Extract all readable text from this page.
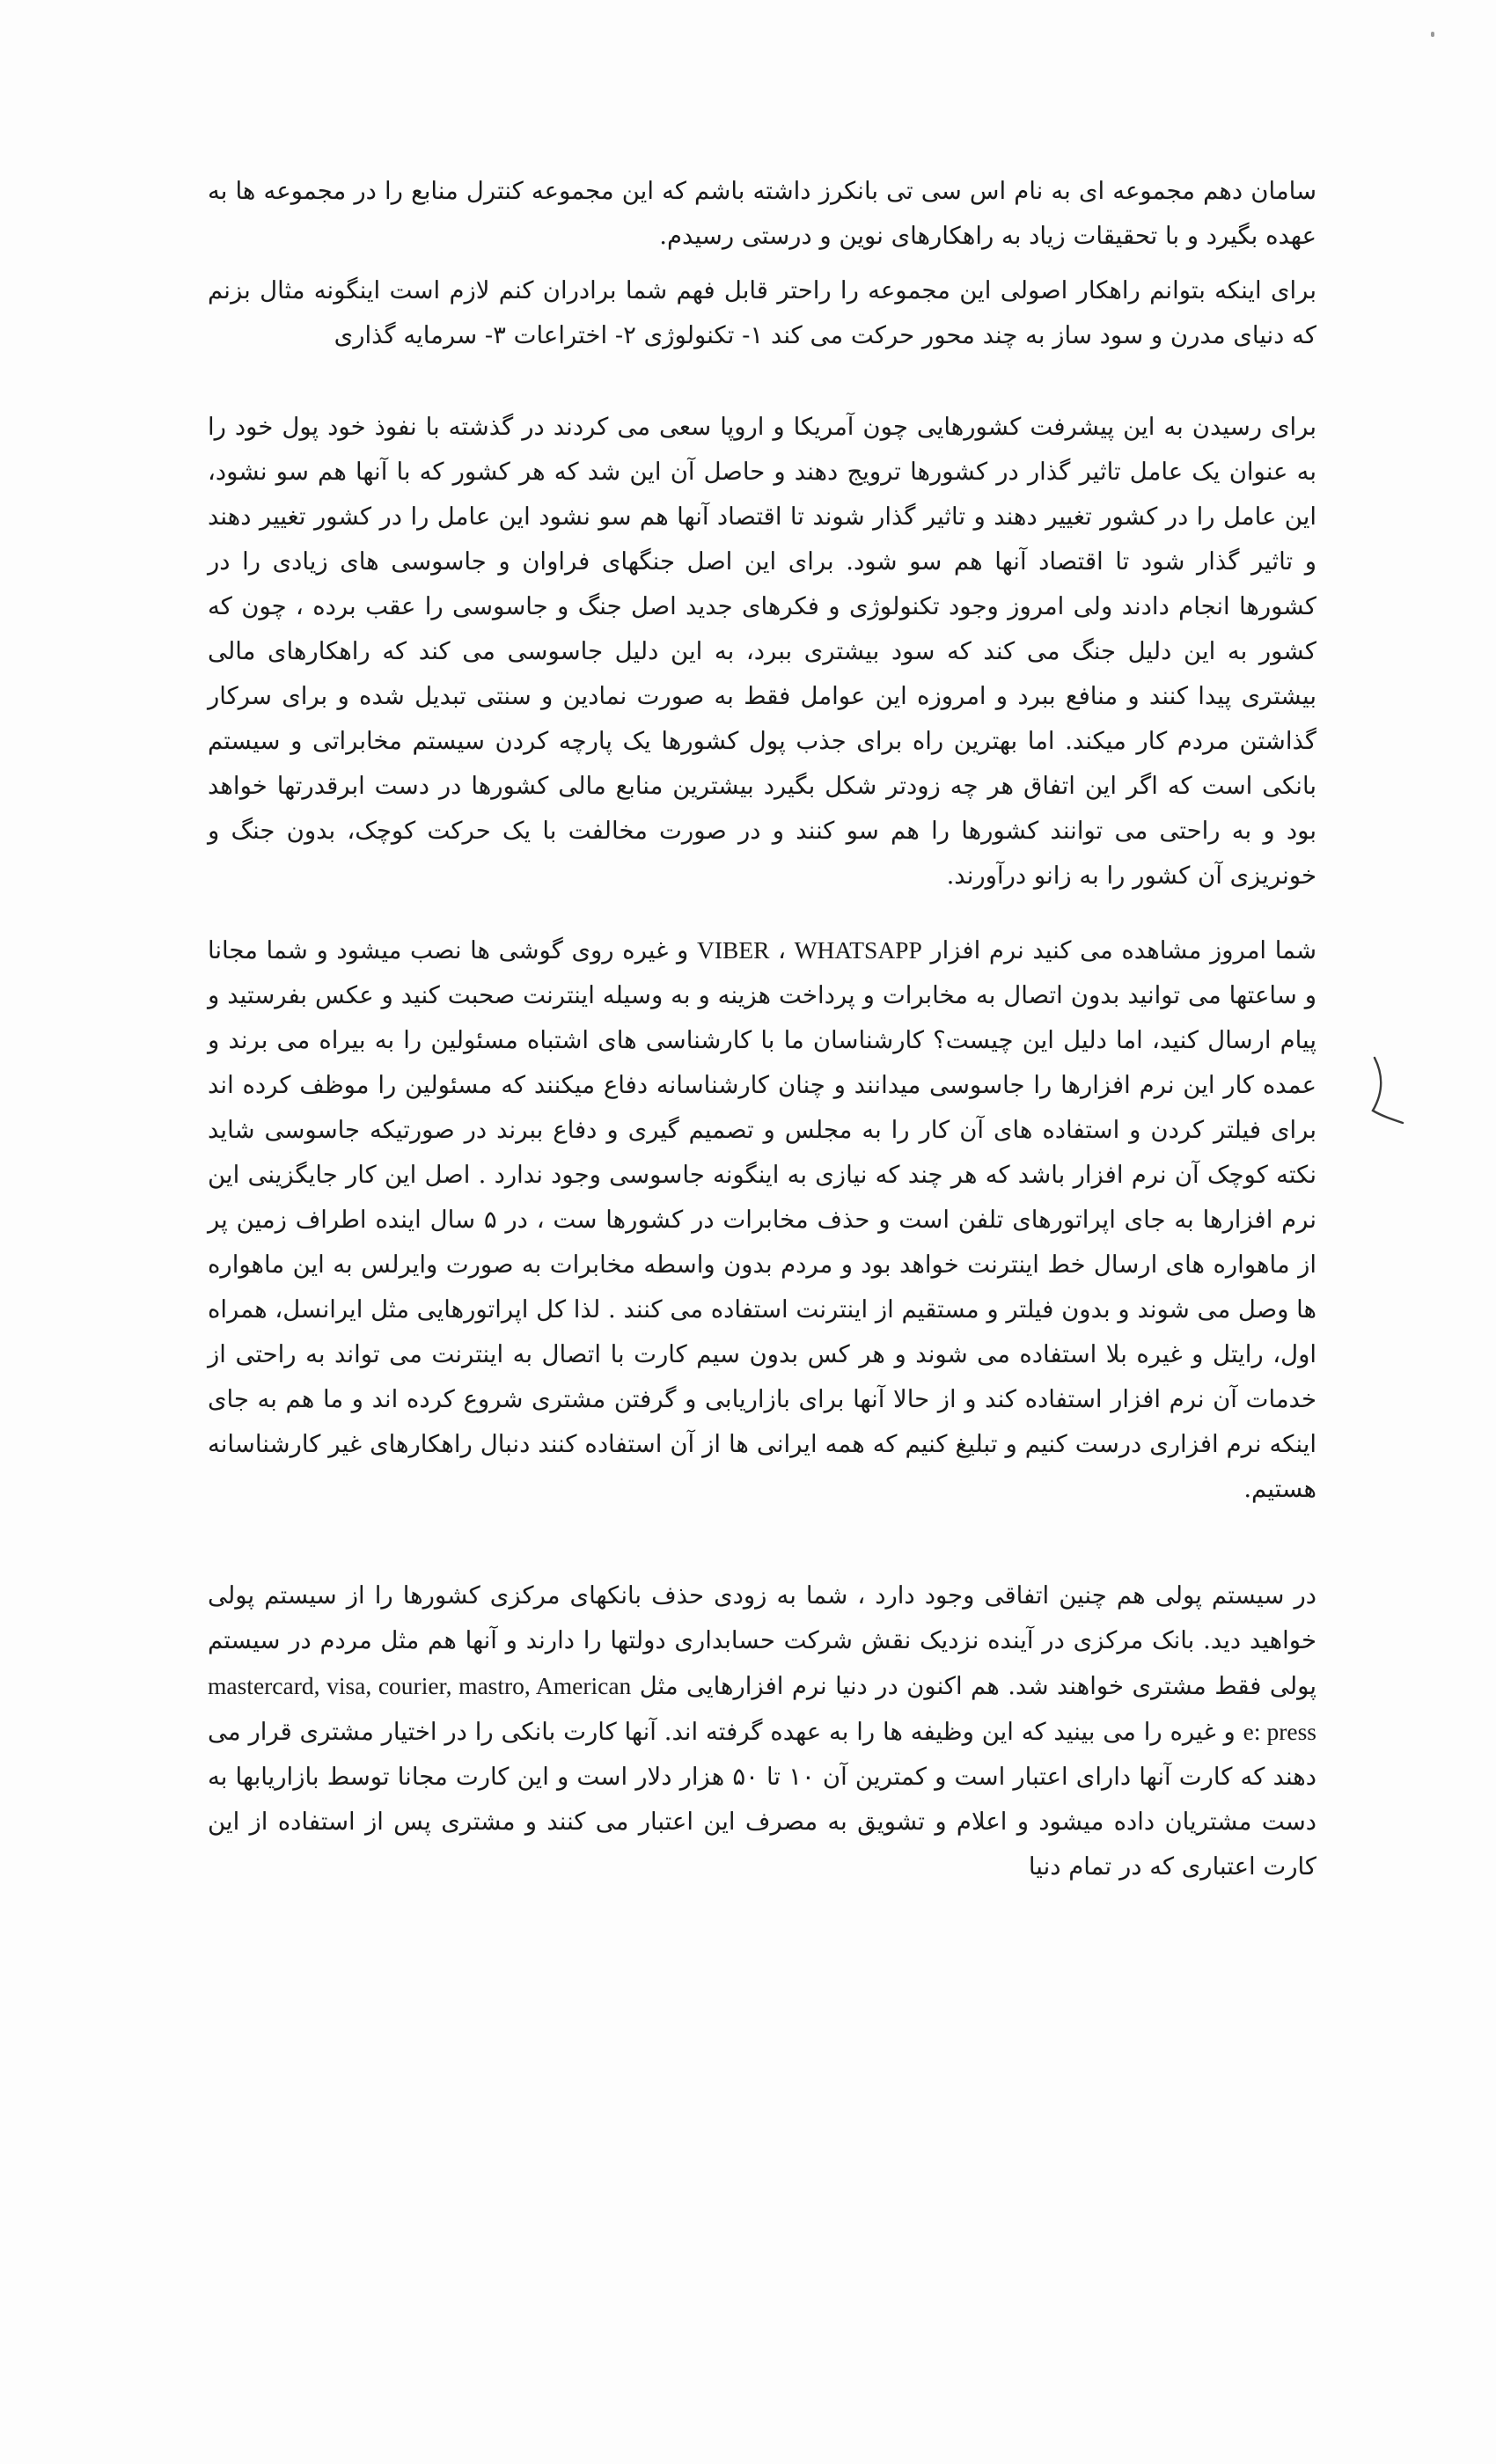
سامان دهم مجموعه ای به نام اس سی تی بانکرز داشته باشم که این مجموعه کنترل منابع را در مجموعه ها به عهده بگیرد و با تحقیقات زیاد به راهکارهای نوین و درستی رسیدم.

برای اینکه بتوانم راهکار اصولی این مجموعه را راحتر قابل فهم شما برادران کنم لازم است اینگونه مثال بزنم که دنیای مدرن و سود ساز به چند محور حرکت می کند ۱- تکنولوژی ۲- اختراعات ۳- سرمایه گذاری

برای رسیدن به این پیشرفت کشورهایی چون آمریکا و اروپا سعی می کردند در گذشته با نفوذ خود پول خود را به عنوان یک عامل تاثیر گذار در کشورها ترویج دهند و حاصل آن این شد که هر کشور که با آنها هم سو نشود، این عامل را در کشور تغییر دهند و تاثیر گذار شوند تا اقتصاد آنها هم سو نشود این عامل را در کشور تغییر دهند و تاثیر گذار شود تا اقتصاد آنها هم سو شود. برای این اصل جنگهای فراوان و جاسوسی های زیادی را در کشورها انجام دادند ولی امروز وجود تکنولوژی و فکرهای جدید اصل جنگ و جاسوسی را عقب برده ، چون که کشور به این دلیل جنگ می کند که سود بیشتری ببرد، به این دلیل جاسوسی می کند که راهکارهای مالی بیشتری پیدا کنند و منافع ببرد و امروزه این عوامل فقط به صورت نمادین و سنتی تبدیل شده و برای سرکار گذاشتن مردم کار میکند. اما بهترین راه برای جذب پول کشورها یک پارچه کردن سیستم مخابراتی و سیستم بانکی است که اگر این اتفاق هر چه زودتر شکل بگیرد بیشترین منابع مالی کشورها در دست ابرقدرتها خواهد بود و به راحتی می توانند کشورها را هم سو کنند و در صورت مخالفت با یک حرکت کوچک، بدون جنگ و خونریزی آن کشور را به زانو درآورند.

شما امروز مشاهده می کنید نرم افزار VIBER ، WHATSAPP و غیره روی گوشی ها نصب میشود و شما مجانا و ساعتها می توانید بدون اتصال به مخابرات و پرداخت هزینه و به وسیله اینترنت صحبت کنید و عکس بفرستید و پیام ارسال کنید، اما دلیل این چیست؟ کارشناسان ما با کارشناسی های اشتباه مسئولین را به بیراه می برند و عمده کار این نرم افزارها را جاسوسی میدانند و چنان کارشناسانه دفاع میکنند که مسئولین را موظف کرده اند برای فیلتر کردن و استفاده های آن کار را به مجلس و تصمیم گیری و دفاع ببرند در صورتیکه جاسوسی شاید نکته کوچک آن نرم افزار باشد که هر چند که نیازی به اینگونه جاسوسی وجود ندارد . اصل این کار جایگزینی این نرم افزارها به جای اپراتورهای تلفن است و حذف مخابرات در کشورها ست ، در ۵ سال اینده اطراف زمین پر از ماهواره های ارسال خط اینترنت خواهد بود و مردم بدون واسطه مخابرات به صورت وایرلس به این ماهواره ها وصل می شوند و بدون فیلتر و مستقیم از اینترنت استفاده می کنند . لذا کل اپراتورهایی مثل ایرانسل، همراه اول، رایتل و غیره بلا استفاده می شوند و هر کس بدون سیم کارت با اتصال به اینترنت می تواند به راحتی از خدمات آن نرم افزار استفاده کند و از حالا آنها برای بازاریابی و گرفتن مشتری شروع کرده اند و ما هم به جای اینکه نرم افزاری درست کنیم و تبلیغ کنیم که همه ایرانی ها از آن استفاده کنند دنبال راهکارهای غیر کارشناسانه هستیم.

در سیستم پولی هم چنین اتفاقی وجود دارد ، شما به زودی حذف بانکهای مرکزی کشورها را از سیستم پولی خواهید دید. بانک مرکزی در آینده نزدیک نقش شرکت حسابداری دولتها را دارند و آنها هم مثل مردم در سیستم پولی فقط مشتری خواهند شد. هم اکنون در دنیا نرم افزارهایی مثل mastercard, visa, courier, mastro, American e: press و غیره را می بینید که این وظیفه ها را به عهده گرفته اند. آنها کارت بانکی را در اختیار مشتری قرار می دهند که کارت آنها دارای اعتبار است و کمترین آن ۱۰ تا ۵۰ هزار دلار است و این کارت مجانا توسط بازاریابها به دست مشتریان داده میشود و اعلام و تشویق به مصرف این اعتبار می کنند و مشتری پس از استفاده از این کارت اعتباری که در تمام دنیا
